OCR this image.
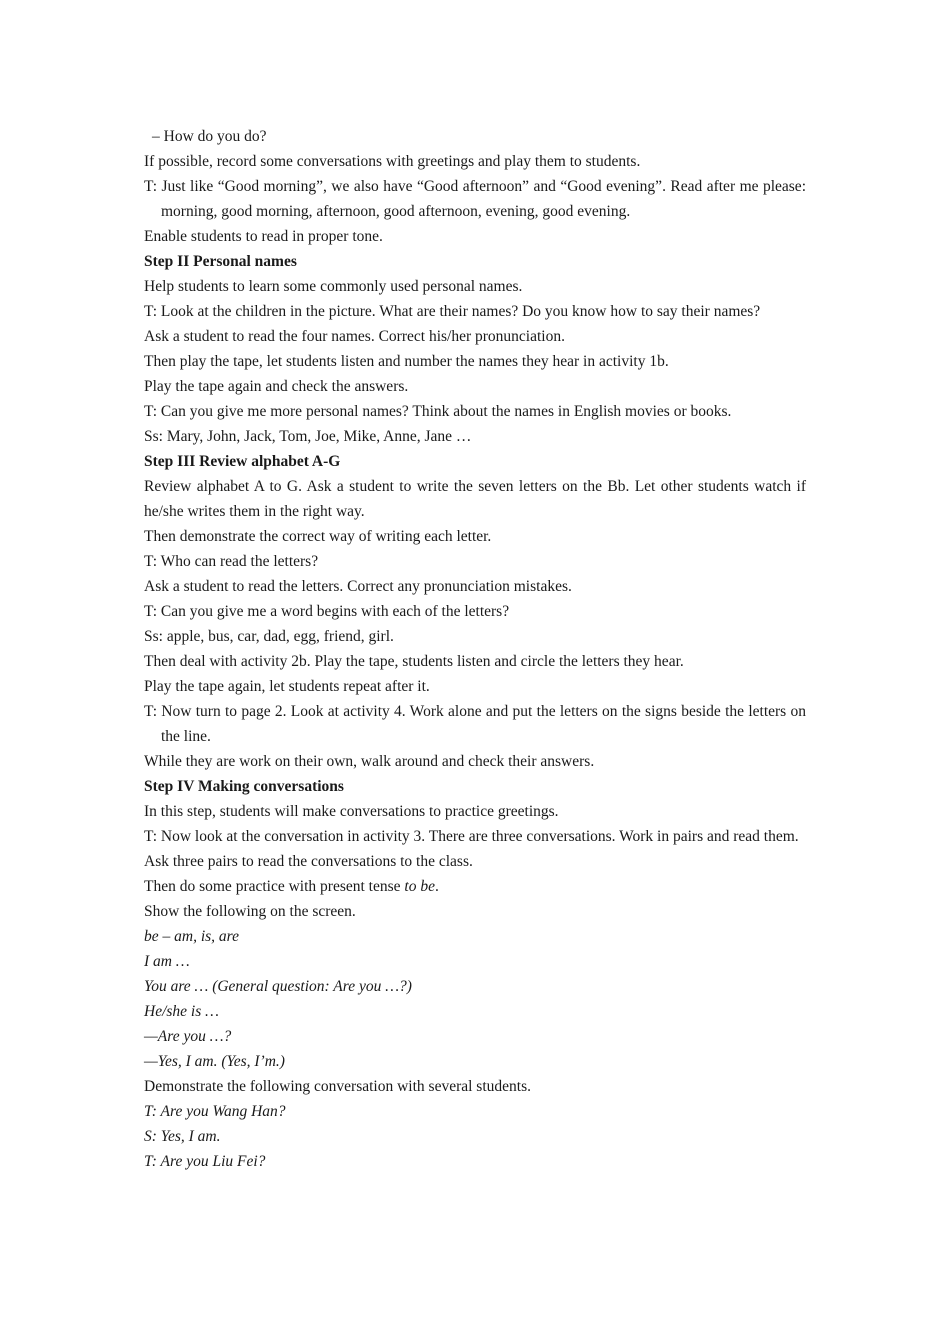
– How do you do?

If possible, record some conversations with greetings and play them to students.

T: Just like “Good morning”, we also have “Good afternoon” and “Good evening”. Read after me please: morning, good morning, afternoon, good afternoon, evening, good evening.

Enable students to read in proper tone.

Step II Personal names

Help students to learn some commonly used personal names.

T: Look at the children in the picture. What are their names? Do you know how to say their names?

Ask a student to read the four names. Correct his/her pronunciation.

Then play the tape, let students listen and number the names they hear in activity 1b.

Play the tape again and check the answers.

T: Can you give me more personal names? Think about the names in English movies or books.

Ss: Mary, John, Jack, Tom, Joe, Mike, Anne, Jane …

Step III Review alphabet A-G

Review alphabet A to G. Ask a student to write the seven letters on the Bb. Let other students watch if he/she writes them in the right way.

Then demonstrate the correct way of writing each letter.

T: Who can read the letters?

Ask a student to read the letters. Correct any pronunciation mistakes.

T: Can you give me a word begins with each of the letters?

Ss: apple, bus, car, dad, egg, friend, girl.

Then deal with activity 2b. Play the tape, students listen and circle the letters they hear.

Play the tape again, let students repeat after it.

T: Now turn to page 2. Look at activity 4. Work alone and put the letters on the signs beside the letters on the line.

While they are work on their own, walk around and check their answers.

Step IV Making conversations

In this step, students will make conversations to practice greetings.

T: Now look at the conversation in activity 3. There are three conversations. Work in pairs and read them.

Ask three pairs to read the conversations to the class.

Then do some practice with present tense to be.

Show the following on the screen.

be – am, is, are

I am …

You are … (General question: Are you …?)

He/she is …

—Are you …?

—Yes, I am. (Yes, I’m.)

Demonstrate the following conversation with several students.

T: Are you Wang Han?

S: Yes, I am.

T: Are you Liu Fei?
